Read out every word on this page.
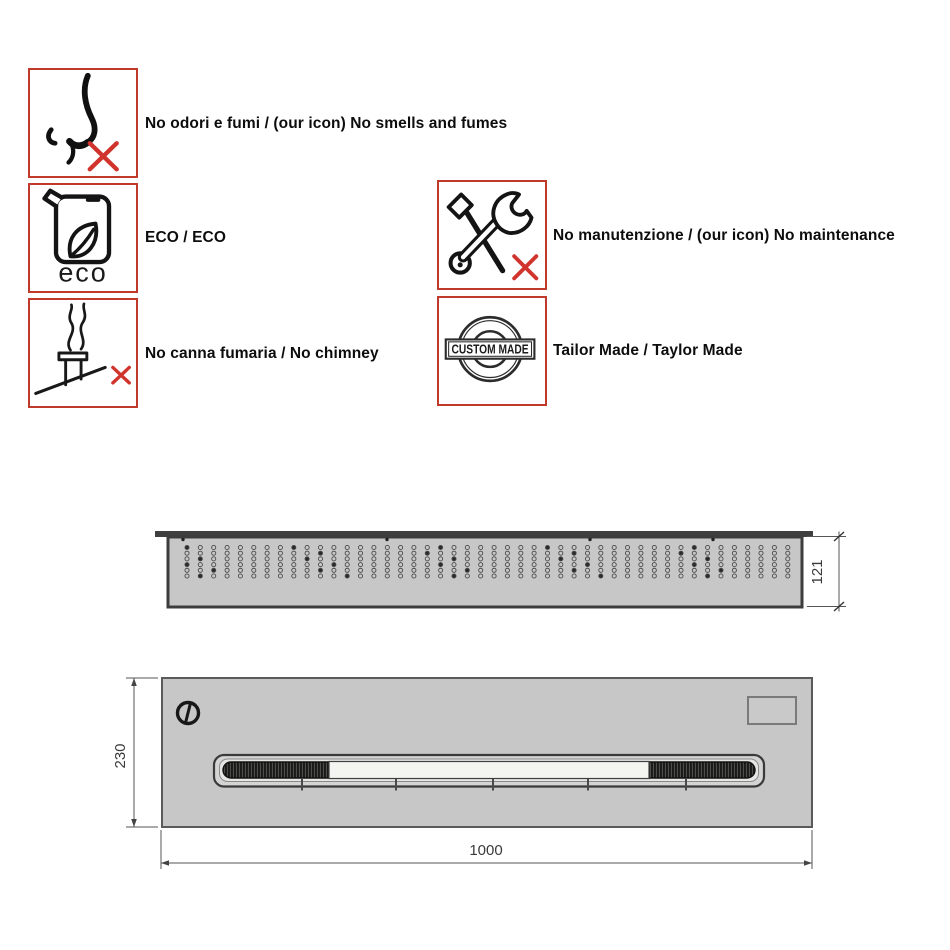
No odori e fumi / (our icon) No smells and fumes
eco
ECO / ECO
No canna fumaria / No chimney
No manutenzione / (our icon) No maintenance
CUSTOM MADE Tailor Made / Taylor Made
121
230
1000
